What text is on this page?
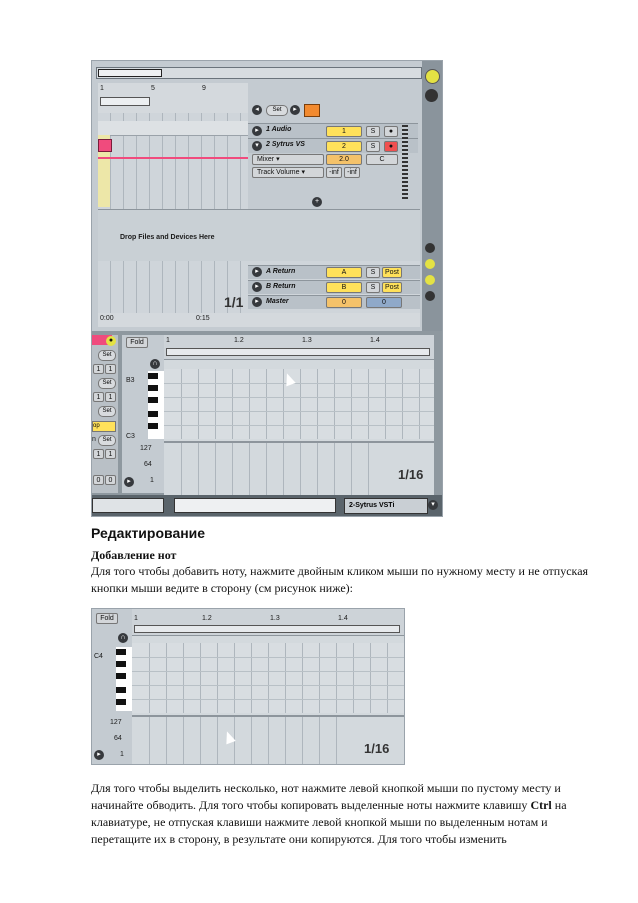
1	5	9
◂	Set	▸
▸	1 Audio	1	S	●
▾	2 Sytrus VS	2	S	●
Mixer ▾	2.0	C
Track Volume ▾	-inf	-inf
+
Drop Files and Devices Here
▸	A Return	A	S	Post
▸	B Return	B	S	Post
▸	Master	0	0
1/1
0:00	0:15
●
Set
1	1
Set
1	1
Set
op
n	Set
1	1
0	0
Fold
∩
B3
C3
127
64
1
▸
1	1.2	1.3	1.4
1/16
2-Sytrus VSTi	▾
Редактирование
Добавление нот
Для того чтобы добавить ноту, нажмите двойным кликом мыши по нужному месту и не отпуская кнопки мыши ведите в сторону (см рисунок ниже):
Fold
∩
C4
127
64
1
▸
1	1.2	1.3	1.4
1/16
Для того чтобы выделить несколько, нот нажмите левой кнопкой мыши по пустому месту и начинайте обводить. Для того чтобы копировать выделенные ноты нажмите клавишу Ctrl на клавиатуре, не отпуская клавиши нажмите левой кнопкой мыши по выделенным нотам и перетащите их в сторону, в результате они копируются. Для того чтобы изменить
